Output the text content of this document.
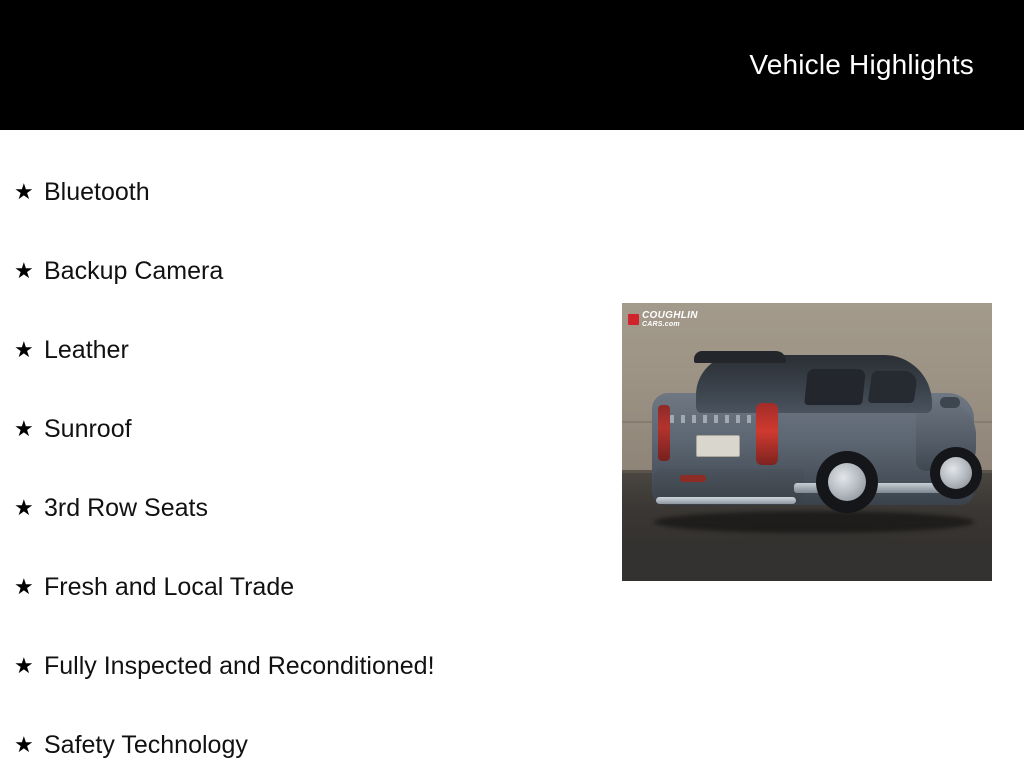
Vehicle Highlights
★ Bluetooth
★ Backup Camera
★ Leather
★ Sunroof
★ 3rd Row Seats
★ Fresh and Local Trade
★ Fully Inspected and Reconditioned!
★ Safety Technology
COUGHLIN
CARS.com
